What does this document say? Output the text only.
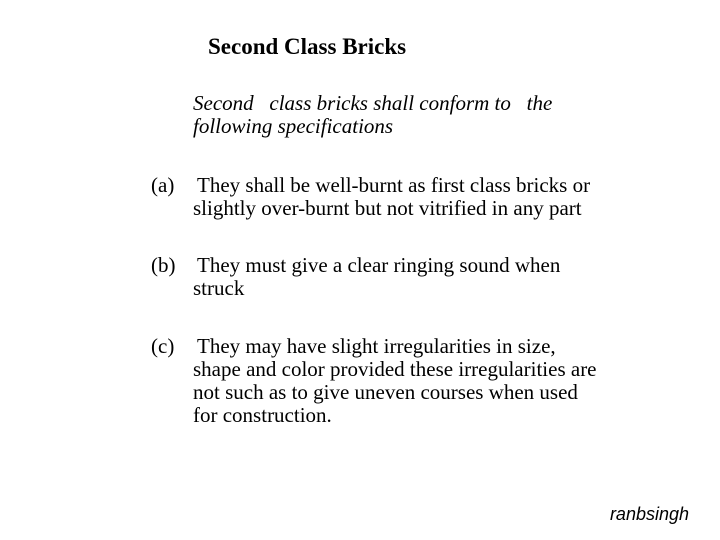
Second Class Bricks
Second   class bricks shall conform to   the
following specifications
(a)	They shall be well-burnt as first class bricks or
slightly over-burnt but not vitrified in any part
(b)	They must give a clear ringing sound when
struck
(c)	They may have slight irregularities in size,
shape and color provided these irregularities are
not such as to give uneven courses when used
for construction.
ranbsingh
